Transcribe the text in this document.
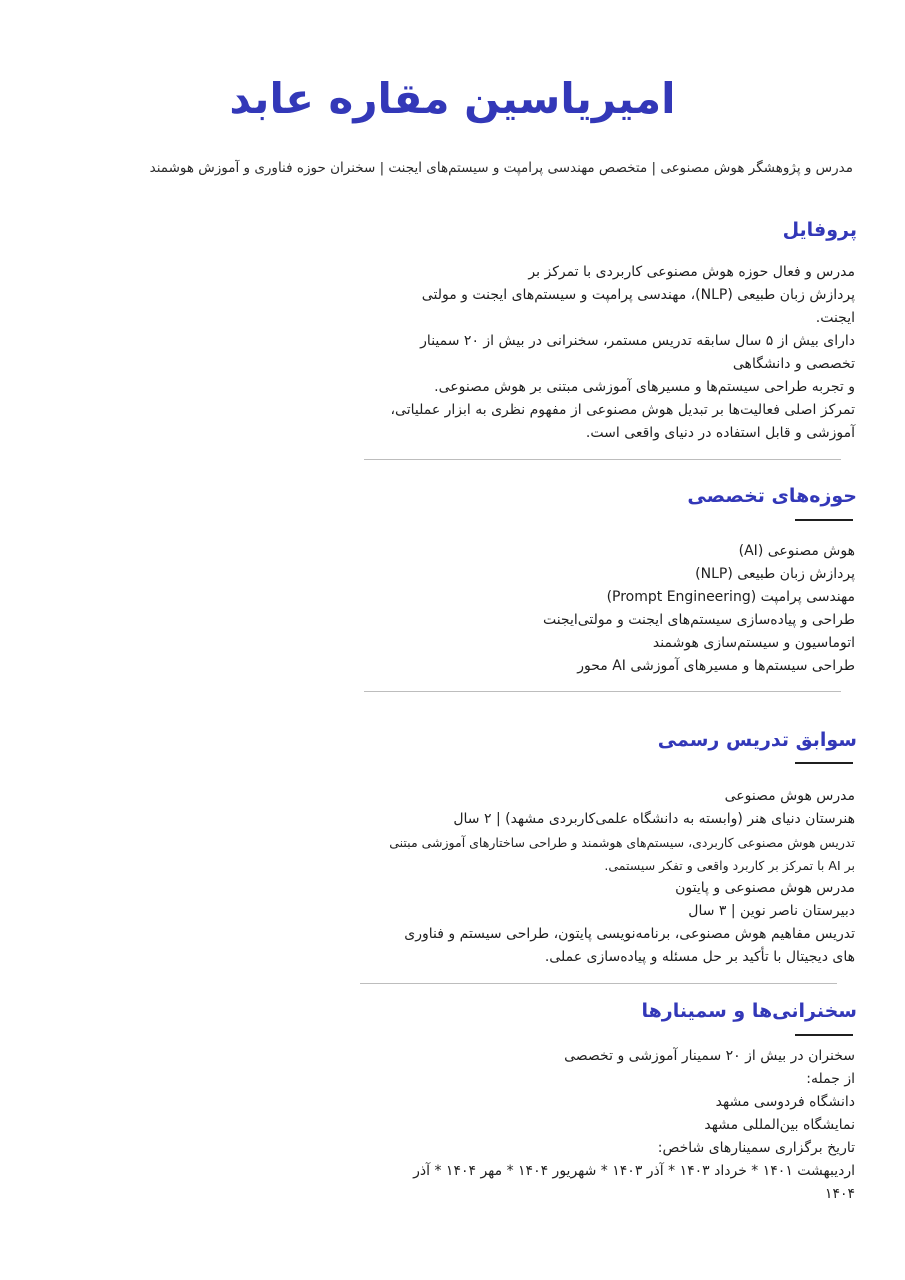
امیریاسین مقاره عابد

مدرس و پژوهشگر هوش مصنوعی | متخصص مهندسی پرامپت و سیستم‌های ایجنت | سخنران حوزه فناوری و آموزش هوشمند

پروفایل

مدرس و فعال حوزه هوش مصنوعی کاربردی با تمرکز بر

پردازش زبان طبیعی (NLP)، مهندسی پرامپت و سیستم‌های ایجنت و مولتی

ایجنت.

دارای بیش از ۵ سال سابقه تدریس مستمر، سخنرانی در بیش از ۲۰ سمینار

تخصصی و دانشگاهی

و تجربه طراحی سیستم‌ها و مسیرهای آموزشی مبتنی بر هوش مصنوعی.

تمرکز اصلی فعالیت‌ها بر تبدیل هوش مصنوعی از مفهوم نظری به ابزار عملیاتی،

آموزشی و قابل استفاده در دنیای واقعی است.

حوزه‌های تخصصی
هوش مصنوعی (AI)
پردازش زبان طبیعی (NLP)
مهندسی پرامپت (Prompt Engineering)
طراحی و پیاده‌سازی سیستم‌های ایجنت و مولتی‌ایجنت
اتوماسیون و سیستم‌سازی هوشمند
طراحی سیستم‌ها و مسیرهای آموزشی AI محور
سوابق تدریس رسمی

مدرس هوش مصنوعی

هنرستان دنیای هنر (وابسته به دانشگاه علمی‌کاربردی مشهد) | ۲ سال

تدریس هوش مصنوعی کاربردی، سیستم‌های هوشمند و طراحی ساختارهای آموزشی مبتنی

بر AI با تمرکز بر کاربرد واقعی و تفکر سیستمی.

مدرس هوش مصنوعی و پایتون

دبیرستان ناصر نوین | ۳ سال

تدریس مفاهیم هوش مصنوعی، برنامه‌نویسی پایتون، طراحی سیستم و فناوری

های دیجیتال با تأکید بر حل مسئله و پیاده‌سازی عملی.

سخنرانی‌ها و سمینارها

سخنران در بیش از ۲۰ سمینار آموزشی و تخصصی

از جمله:

دانشگاه فردوسی مشهد

نمایشگاه بین‌المللی مشهد

تاریخ برگزاری سمینارهای شاخص:

اردیبهشت ۱۴۰۱ * خرداد ۱۴۰۳ * آذر ۱۴۰۳ * شهریور ۱۴۰۴ * مهر ۱۴۰۴ * آذر

۱۴۰۴
